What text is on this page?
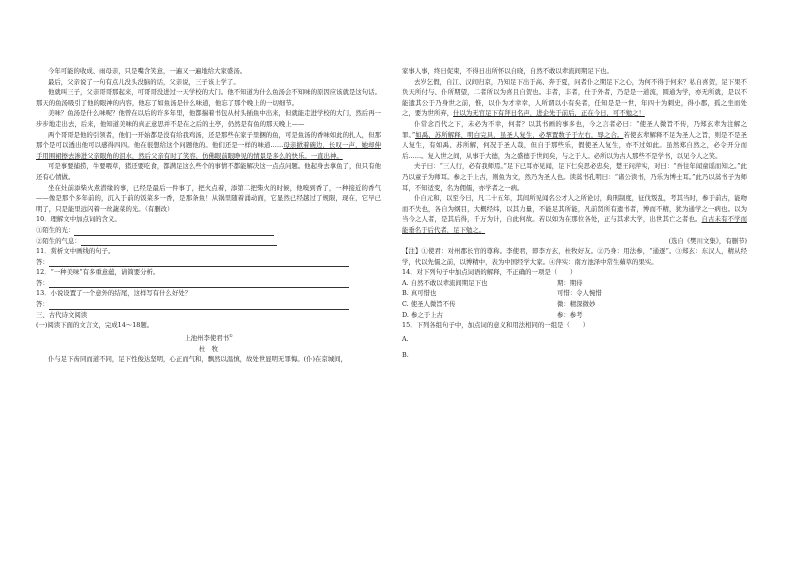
今年可能的收成、雨母亲，只是嘴含笑意，一遍又一遍地给大家盛汤。

最后，父亲说了一句有点儿没头没脑的话，父亲说，三子该上学了。

他就叫三子，父亲哥哥那起来，可哥哥没进过一天学校的大门。他不知道为什么鱼汤会不知味的原因应该就是这句话。那天的鱼汤吸引了他的眼神的内容，他忘了如鱼汤是什么味道，他忘了那个晚上的一切细节。

美味？鱼汤是什么味呢？他曾在以后的许多年里，他都揣着书包从村头插鱼中出来，但就能走进学校的大门，然后再一步步地走出去，后来，他知道美味的真正意思并不是在之后的土亭，仍然是有鱼的那天晚上——

两个哥哥是他的引领者，他们一开始都是没有给我鸡汤，还是那些在家子里捆的鱼，可是鱼汤的香味如此的扎人，但那那个是可以透出他可以感得四四。他在很想给这个问题他的。他们还是一样的味道……母亲掀着碗边，长叹一声，她却伸手用围裙擦去渗进父亲眼角的泪水，然后父亲有时了笑容，仿佛眼前眼睁见的情景是多么的快乐。一直出神。

可是事要捕捞，牛要喂草，猪还要吃食，都满足这么些个的事情不都能解决这一点点问题。他起身去拿鱼了，但只有他还有心情做。

坐在灶前添柴火煮潜缘的事，已经是最后一件事了，把火点着，添第二把柴火的时候，他嗅到香了，一种接近的香气——像是那个多年前的，沉入于前的饭菜多一香，是那条鱼！从锅里随着涌动面，它显然已经越过了规限，现在，它早已明了，只是能里远闪着一丝蔬菜的光。（有删改）

10．理解文中加点词的含义。

①陌生的光：

②陌生的气息：

11．赏析文中画线的句子。

答：

12．“一种美味”有多重意蕴，请简要分析。

答：

13．小说设置了一个意外的结尾，这样写有什么好处？

答：

三、古代诗文阅读

(一)阅读下面的文言文，完成14～18题。

上池州李使君书①

杜　牧

仆与足下齿同而道不同，足下性俊达坚明，心正而气和，飘然以温慎，故处世显明无罪悔。(仆)在京城间，

家事人事，终日促束，不得日出所怀以自晓，自然不敢以辈流间期足下也。

去岁乞假，自江、汉间归京，乃知足下出于高、奔于夏，问者仆之期足下之心，为何不得于何来？私自喜贺，足下果不负天所付与、仆所期望，二者所以为喜且自贺也。丰者，丰者，仕于外者，乃是是一道流，圆通为学，亦无所就，是以不能遗其公于乃身世之前，惟，以仆为才幸幸，人所谓以小有矣者，任知是是一世，年四十为刺史，得小郡，孤之坐而处之，要为世所弃，什以为无官足下有拜日名声，进企先于前后，正在今日，可不勉之！

仆常念百代之下，未必为不幸，何者？以其书画的事多也，今之言者必曰：“使圣人微旨不传，乃郑玄辈为注解之罪。”如禹、苏所解释，明白完具，虽圣人复生，必挈置数子于左右，辱之合。若使玄辈解释不足为圣人之旨，则是不是圣人复生，有如禹、苏所解，何况于圣人哉，但自于那些乐，假使圣人复生，亦不过如此。虽然郑自然之，必令开分而后……。复入世之间，从事于大德，为之盛德于世间矣，与之于人。必所以为古人那些不是学书，以见今人之笑。

夫子曰：“三人行，必有我师焉。”足下已耳亦见闻，足下仁矣思必忠矣，楚王问萍实，对曰：“吾往年闻童谣而知之。”此乃以童子为师耳。参之于上古，则鱼为文，然乃为圣人也。读蒿书孔明曰：“诸公读书，乃乐为博士耳。”此乃以蒿书子为师耳，不知适变，名为佣儒，亦学者之一病。

仆自元和，以至今日，凡二十五年，其间所见闻名公才人之所论讨，典刑制度，征伐叛乱，考其当时，参于前古，能吻而不失也，各自为纲目，大概经纬，以其力量，不能足其所能，凡前贤所有遗书者，博而不精，犹为通学之一病也。以为当今之人者，是其后得，千万为计，自此何故。若以如为在那位各处，正与其求大学，出世其亡之者也。自古未有不学而能垂名于后代者，足下勉之。

(选自《樊川文集》，有删节)

【注】①使君：对州郡长官的尊称。李使君，即李方玄，杜牧好友。②乃身：用法参，“通逐”。③郑玄：东汉人，精从经学，代以先儒之前，以博精中，表为中国经学大家。④萍实：南方池泽中常生蘋草的果实。

14．对下列句子中加点词语的解释，不正确的一项是（　　）

A. 自然不敢以辈流间期足下也	期：期待

B. 真可惜也	可惜：令人惋惜

C. 使圣人微旨不传	微：精深微妙

D. 参之于上古	参：参考

15．下列各组句子中，加点词的意义和用法相同的一组是（　　）

A.

B.
